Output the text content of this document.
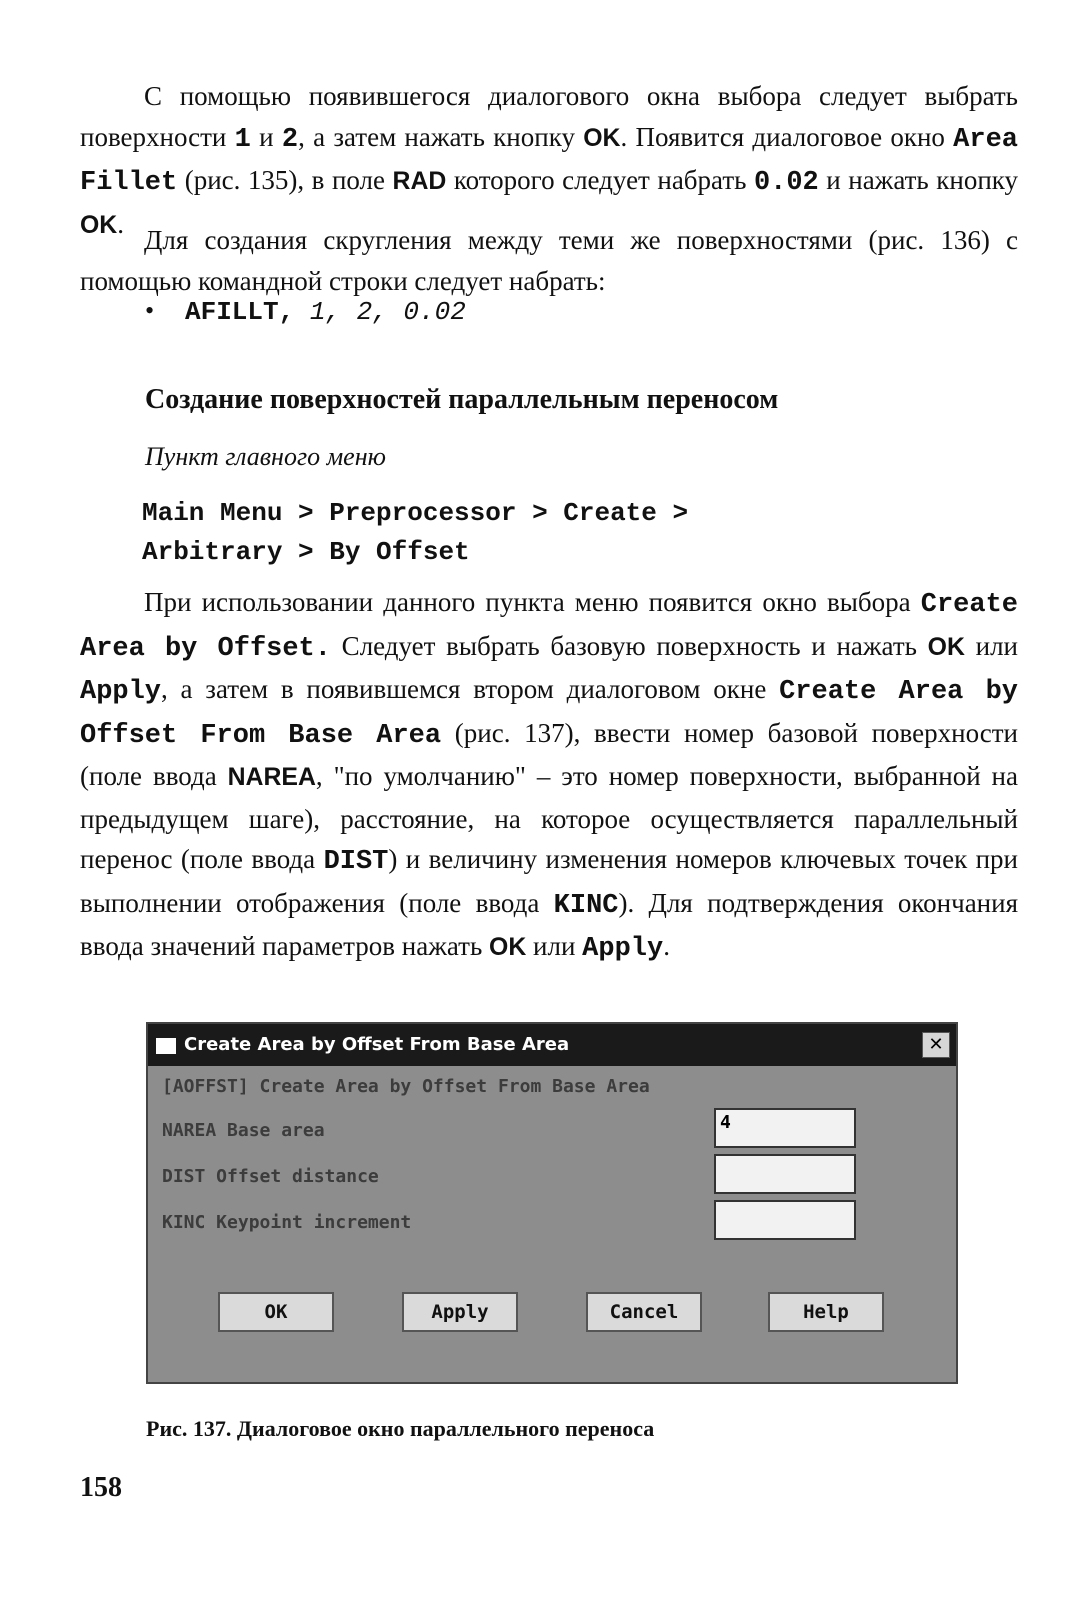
С помощью появившегося диалогового окна выбора следует выбрать поверхности 1 и 2, а затем нажать кнопку OK. Появится диалоговое окно Area Fillet (рис. 135), в поле RAD которого следует набрать 0.02 и нажать кнопку OK.

Для создания скругления между теми же поверхностями (рис. 136) с помощью командной строки следует набрать:

• AFILLT, 1, 2, 0.02
Создание поверхностей параллельным переносом
Пункт главного меню
Main Menu > Preprocessor > Create >
Arbitrary > By Offset

При использовании данного пункта меню появится окно выбора Create Area by Offset. Следует выбрать базовую поверхность и нажать OK или Apply, а затем в появившемся втором диалоговом окне Create Area by Offset From Base Area (рис. 137), ввести номер базовой поверхности (поле ввода NAREA, "по умолчанию" – это номер поверхности, выбранной на предыдущем шаге), расстояние, на которое осуществляется параллельный перенос (поле ввода DIST) и величину изменения номеров ключевых точек при выполнении отображения (поле ввода KINC). Для подтверждения окончания ввода значений параметров нажать OK или Apply.

Create Area by Offset From Base Area	✕
[AOFFST] Create Area by Offset From Base Area
NAREA Base area	4
DIST Offset distance
KINC Keypoint increment
OK	Apply	Cancel	Help
Рис. 137. Диалоговое окно параллельного переноса
158
